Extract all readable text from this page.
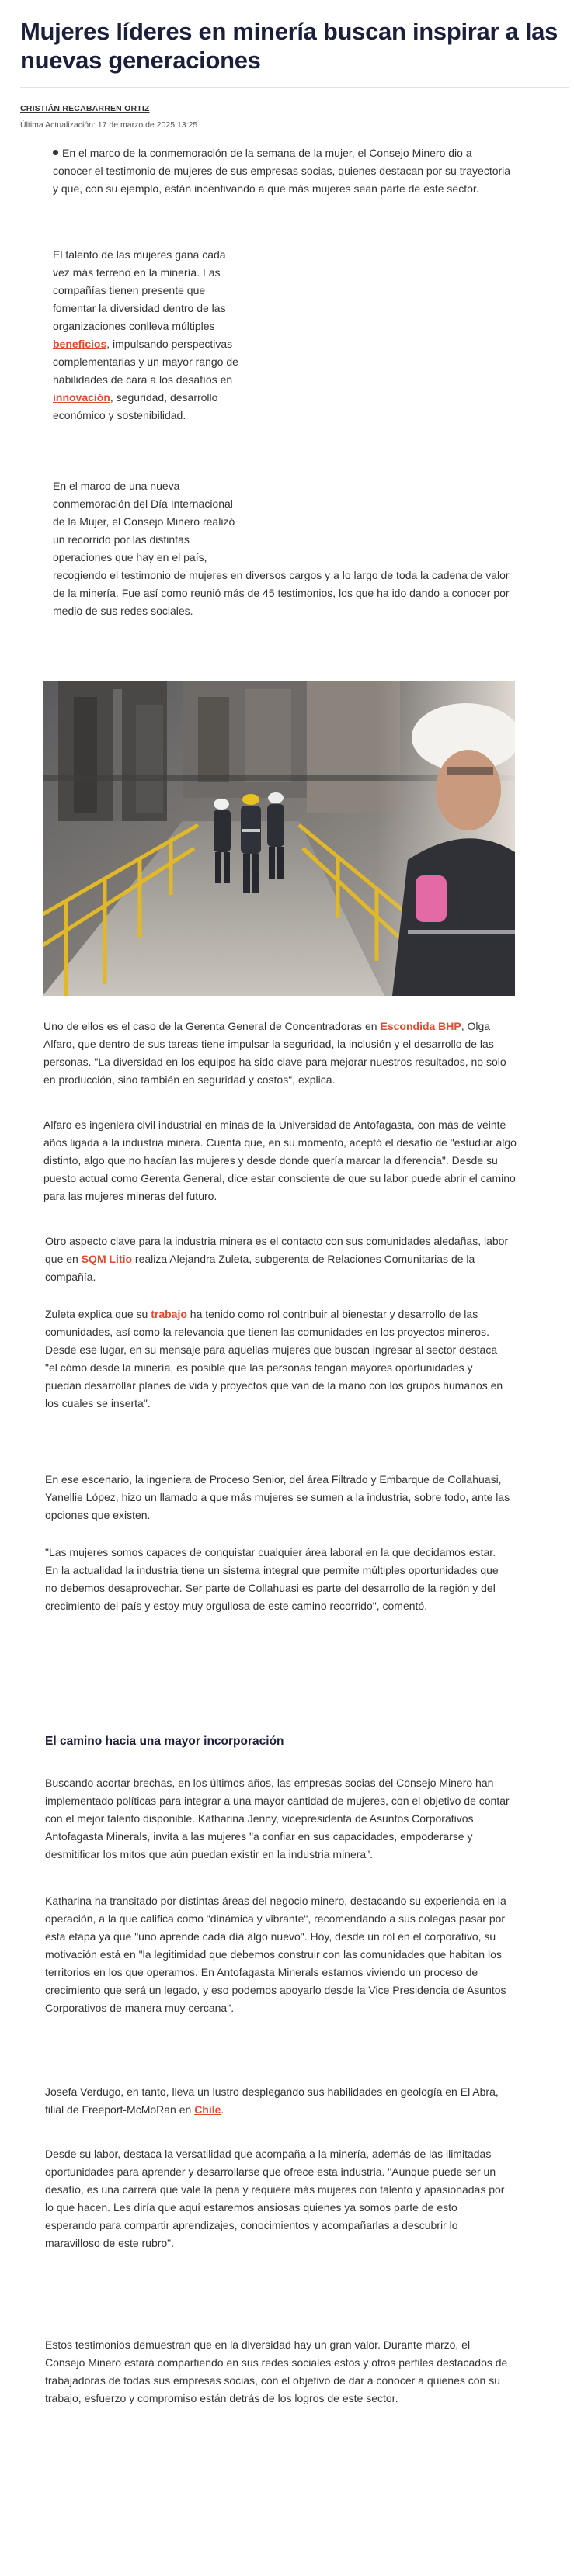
Mujeres líderes en minería buscan inspirar a las nuevas generaciones
CRISTIÁN RECABARREN ORTIZ
Última Actualización: 17 de marzo de 2025 13:25

En el marco de la conmemoración de la semana de la mujer, el Consejo Minero dio a conocer el testimonio de mujeres de sus empresas socias, quienes destacan por su trayectoria y que, con su ejemplo, están incentivando a que más mujeres sean parte de este sector.

El talento de las mujeres gana cada vez más terreno en la minería. Las compañías tienen presente que fomentar la diversidad dentro de las organizaciones conlleva múltiples beneficios, impulsando perspectivas complementarias y un mayor rango de habilidades de cara a los desafíos en innovación, seguridad, desarrollo económico y sostenibilidad.

En el marco de una nueva conmemoración del Día Internacional de la Mujer, el Consejo Minero realizó un recorrido por las distintas operaciones que hay en el país, recogiendo el testimonio de mujeres en diversos cargos y a lo largo de toda la cadena de valor de la minería. Fue así como reunió más de 45 testimonios, los que ha ido dando a conocer por medio de sus redes sociales.

Uno de ellos es el caso de la Gerenta General de Concentradoras en Escondida BHP, Olga Alfaro, que dentro de sus tareas tiene impulsar la seguridad, la inclusión y el desarrollo de las personas. "La diversidad en los equipos ha sido clave para mejorar nuestros resultados, no solo en producción, sino también en seguridad y costos", explica.

Alfaro es ingeniera civil industrial en minas de la Universidad de Antofagasta, con más de veinte años ligada a la industria minera. Cuenta que, en su momento, aceptó el desafío de "estudiar algo distinto, algo que no hacían las mujeres y desde donde quería marcar la diferencia". Desde su puesto actual como Gerenta General, dice estar consciente de que su labor puede abrir el camino para las mujeres mineras del futuro.

Otro aspecto clave para la industria minera es el contacto con sus comunidades aledañas, labor que en SQM Litio realiza Alejandra Zuleta, subgerenta de Relaciones Comunitarias de la compañía.

Zuleta explica que su trabajo ha tenido como rol contribuir al bienestar y desarrollo de las comunidades, así como la relevancia que tienen las comunidades en los proyectos mineros. Desde ese lugar, en su mensaje para aquellas mujeres que buscan ingresar al sector destaca "el cómo desde la minería, es posible que las personas tengan mayores oportunidades y puedan desarrollar planes de vida y proyectos que van de la mano con los grupos humanos en los cuales se inserta".

En ese escenario, la ingeniera de Proceso Senior, del área Filtrado y Embarque de Collahuasi, Yanellie López, hizo un llamado a que más mujeres se sumen a la industria, sobre todo, ante las opciones que existen.

"Las mujeres somos capaces de conquistar cualquier área laboral en la que decidamos estar. En la actualidad la industria tiene un sistema integral que permite múltiples oportunidades que no debemos desaprovechar. Ser parte de Collahuasi es parte del desarrollo de la región y del crecimiento del país y estoy muy orgullosa de este camino recorrido", comentó.

El camino hacia una mayor incorporación

Buscando acortar brechas, en los últimos años, las empresas socias del Consejo Minero han implementado políticas para integrar a una mayor cantidad de mujeres, con el objetivo de contar con el mejor talento disponible. Katharina Jenny, vicepresidenta de Asuntos Corporativos Antofagasta Minerals, invita a las mujeres "a confiar en sus capacidades, empoderarse y desmitificar los mitos que aún puedan existir en la industria minera".

Katharina ha transitado por distintas áreas del negocio minero, destacando su experiencia en la operación, a la que califica como "dinámica y vibrante", recomendando a sus colegas pasar por esta etapa ya que "uno aprende cada día algo nuevo". Hoy, desde un rol en el corporativo, su motivación está en "la legitimidad que debemos construir con las comunidades que habitan los territorios en los que operamos. En Antofagasta Minerals estamos viviendo un proceso de crecimiento que será un legado, y eso podemos apoyarlo desde la Vice Presidencia de Asuntos Corporativos de manera muy cercana".

Josefa Verdugo, en tanto, lleva un lustro desplegando sus habilidades en geología en El Abra, filial de Freeport-McMoRan en Chile.

Desde su labor, destaca la versatilidad que acompaña a la minería, además de las ilimitadas oportunidades para aprender y desarrollarse que ofrece esta industria. "Aunque puede ser un desafío, es una carrera que vale la pena y requiere más mujeres con talento y apasionadas por lo que hacen. Les diría que aquí estaremos ansiosas quienes ya somos parte de esto esperando para compartir aprendizajes, conocimientos y acompañarlas a descubrir lo maravilloso de este rubro".

Estos testimonios demuestran que en la diversidad hay un gran valor. Durante marzo, el Consejo Minero estará compartiendo en sus redes sociales estos y otros perfiles destacados de trabajadoras de todas sus empresas socias, con el objetivo de dar a conocer a quienes con su trabajo, esfuerzo y compromiso están detrás de los logros de este sector.
